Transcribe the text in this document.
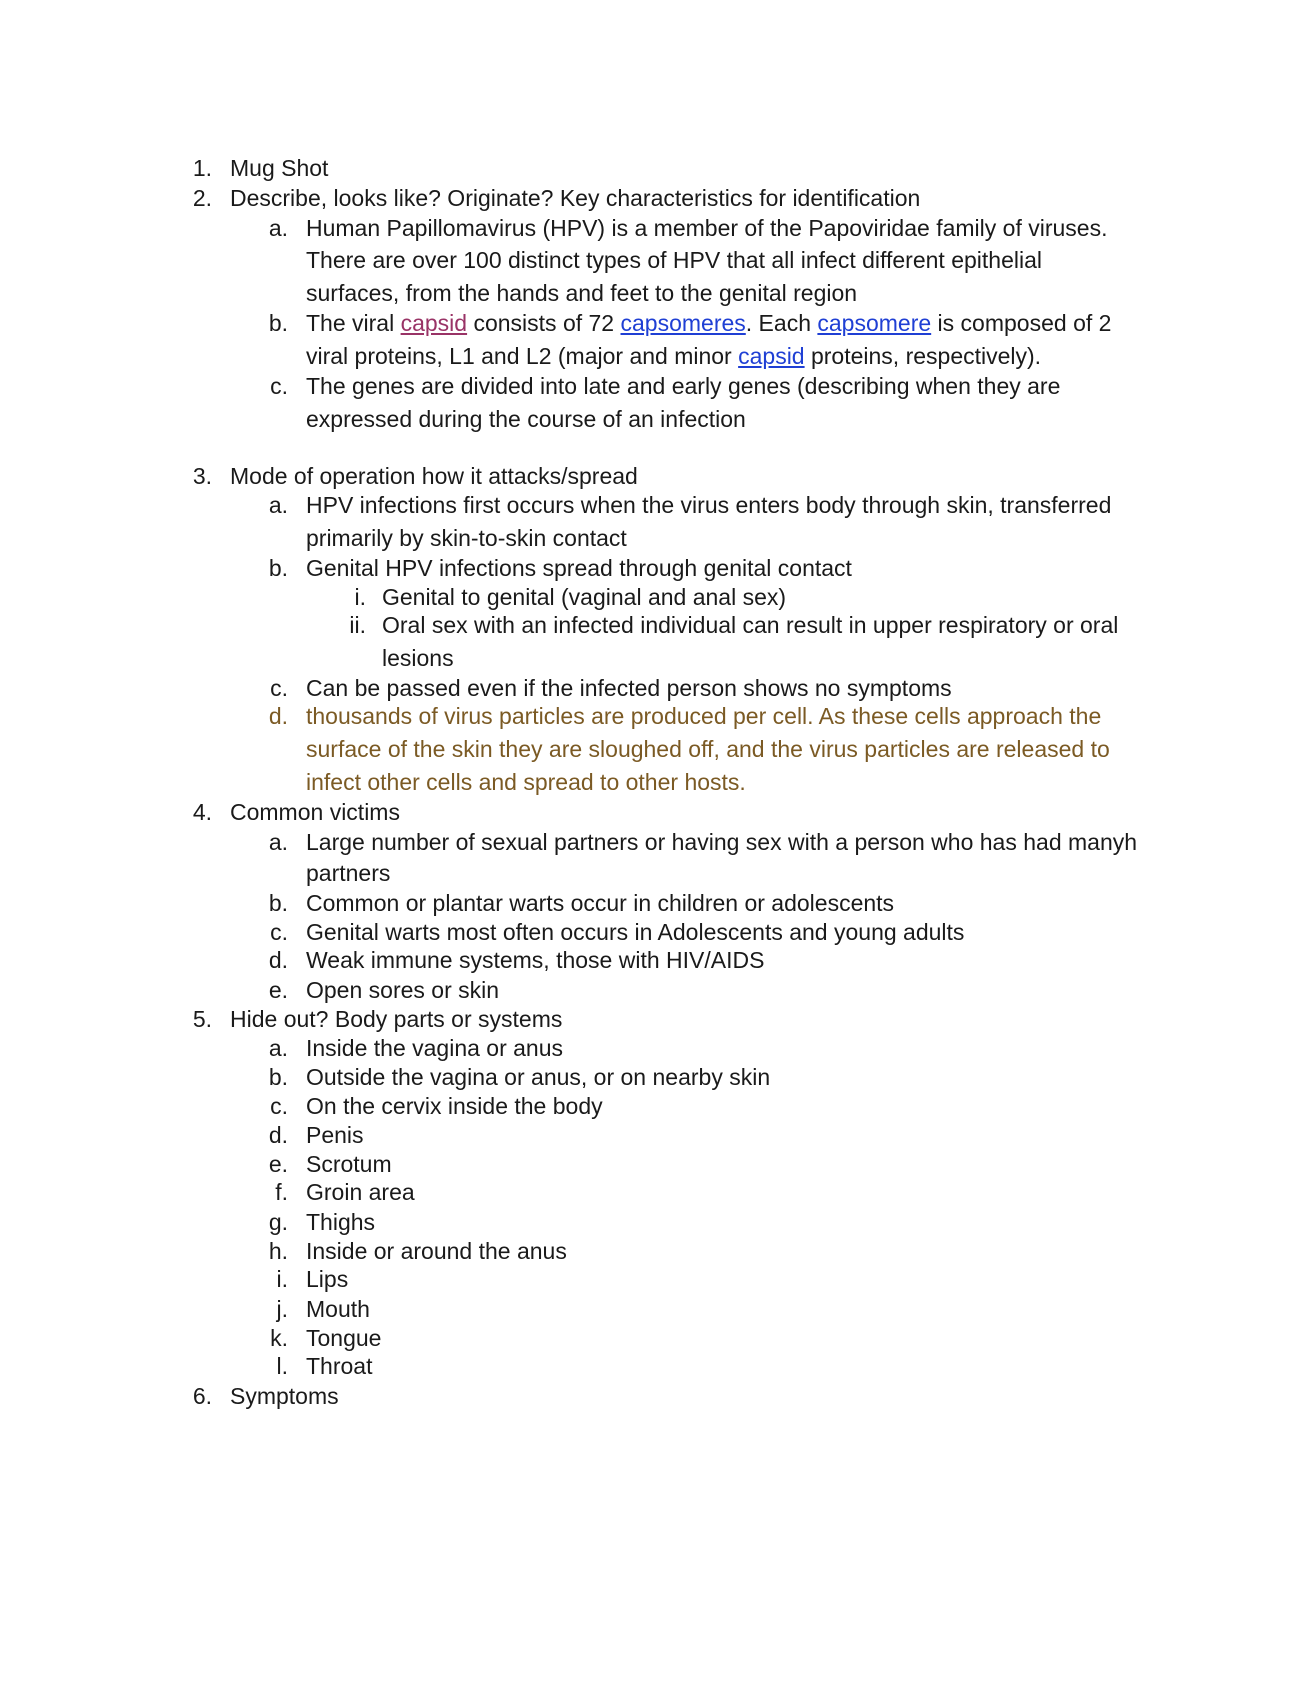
1. Mug Shot
2. Describe, looks like? Originate? Key characteristics for identification
a. Human Papillomavirus (HPV) is a member of the Papoviridae family of viruses.
There are over 100 distinct types of HPV that all infect different epithelial
surfaces, from the hands and feet to the genital region
b. The viral capsid consists of 72 capsomeres. Each capsomere is composed of 2
viral proteins, L1 and L2 (major and minor capsid proteins, respectively).
c. The genes are divided into late and early genes (describing when they are
expressed during the course of an infection
3. Mode of operation how it attacks/spread
a. HPV infections first occurs when the virus enters body through skin, transferred
primarily by skin-to-skin contact
b. Genital HPV infections spread through genital contact
i. Genital to genital (vaginal and anal sex)
ii. Oral sex with an infected individual can result in upper respiratory or oral
lesions
c. Can be passed even if the infected person shows no symptoms
d. thousands of virus particles are produced per cell. As these cells approach the
surface of the skin they are sloughed off, and the virus particles are released to
infect other cells and spread to other hosts.
4. Common victims
a. Large number of sexual partners or having sex with a person who has had manyh
partners
b. Common or plantar warts occur in children or adolescents
c. Genital warts most often occurs in Adolescents and young adults
d. Weak immune systems, those with HIV/AIDS
e. Open sores or skin
5. Hide out? Body parts or systems
a. Inside the vagina or anus
b. Outside the vagina or anus, or on nearby skin
c. On the cervix inside the body
d. Penis
e. Scrotum
f. Groin area
g. Thighs
h. Inside or around the anus
i. Lips
j. Mouth
k. Tongue
l. Throat
6. Symptoms
